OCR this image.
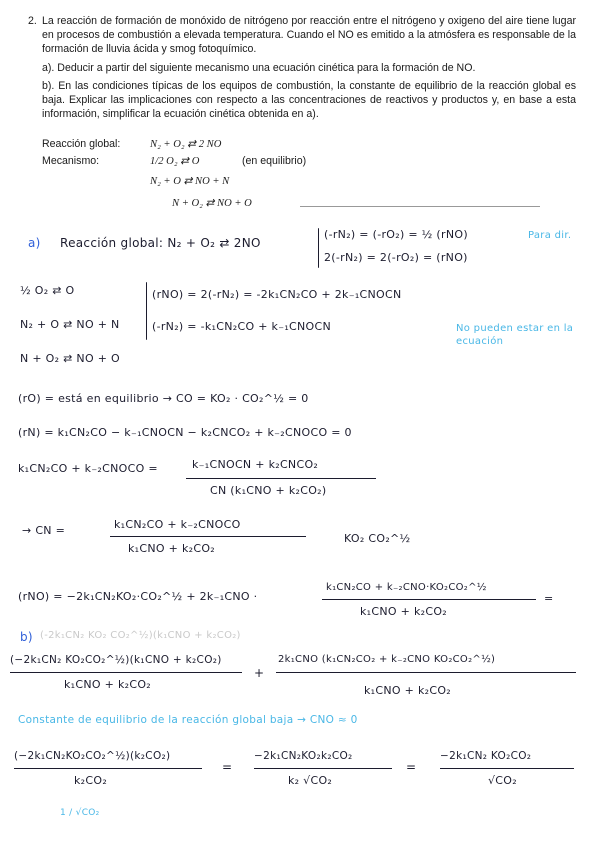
2. La reacción de formación de monóxido de nitrógeno por reacción entre el nitrógeno y oxigeno del aire tiene lugar en procesos de combustión a elevada temperatura. Cuando el NO es emitido a la atmósfera es responsable de la formación de lluvia ácida y smog fotoquímico.

a). Deducir a partir del siguiente mecanismo una ecuación cinética para la formación de NO.

b). En las condiciones típicas de los equipos de combustión, la constante de equilibrio de la reacción global es baja. Explicar las implicaciones con respecto a las concentraciones de reactivos y productos y, en base a esta información, simplificar la ecuación cinética obtenida en a).

Reacción global:	N₂ + O₂ ⇄ 2 NO
Mecanismo:	1/2 O₂ ⇄ O	(en equilibrio)
N₂ + O ⇄ NO + N
N + O₂ ⇄ NO + O
a) Reacción global: N₂ + O₂ ⇄ 2NO
(-rN₂) = (-rO₂) = ½ (rNO)
2(-rN₂) = 2(-rO₂) = (rNO)
Para dir.
½ O₂ ⇄ O
N₂ + O ⇄ NO + N
N + O₂ ⇄ NO + O
(rNO) = 2(-rN₂) = -2k₁CN₂CO + 2k₋₁CNOCN
(-rN₂) = -k₁CN₂CO + k₋₁CNOCN	No pueden estar en la ecuación
(rO) = está en equilibrio → CO = KO₂ · CO₂^½ = 0
(rN) = k₁CN₂CO − k₋₁CNOCN − k₂CNCO₂ + k₋₂CNOCO = 0
k₁CN₂CO + k₋₂CNOCO =	k₋₁CNOCN + k₂CNCO₂
CN (k₁CNO + k₂CO₂)
→ CN =	k₁CN₂CO + k₋₂CNOCO
k₁CNO + k₂CO₂
KO₂ CO₂^½
(rNO) = −2k₁CN₂KO₂·CO₂^½ + 2k₋₁CNO ·
k₁CN₂CO + k₋₂CNO·KO₂CO₂^½
k₁CNO + k₂CO₂
=
b) (-2k₁CN₂ KO₂ CO₂^½)(k₁CNO + k₂CO₂)
(−2k₁CN₂ KO₂CO₂^½)(k₁CNO + k₂CO₂)
k₁CNO + k₂CO₂
+
2k₁CNO (k₁CN₂CO₂ + k₋₂CNO KO₂CO₂^½)
k₁CNO + k₂CO₂
Constante de equilibrio de la reacción global baja → CNO ≈ 0
(−2k₁CN₂KO₂CO₂^½)(k₂CO₂)
k₂CO₂
=
−2k₁CN₂KO₂k₂CO₂
k₂ √CO₂
=
−2k₁CN₂ KO₂CO₂
√CO₂
1 / √CO₂
